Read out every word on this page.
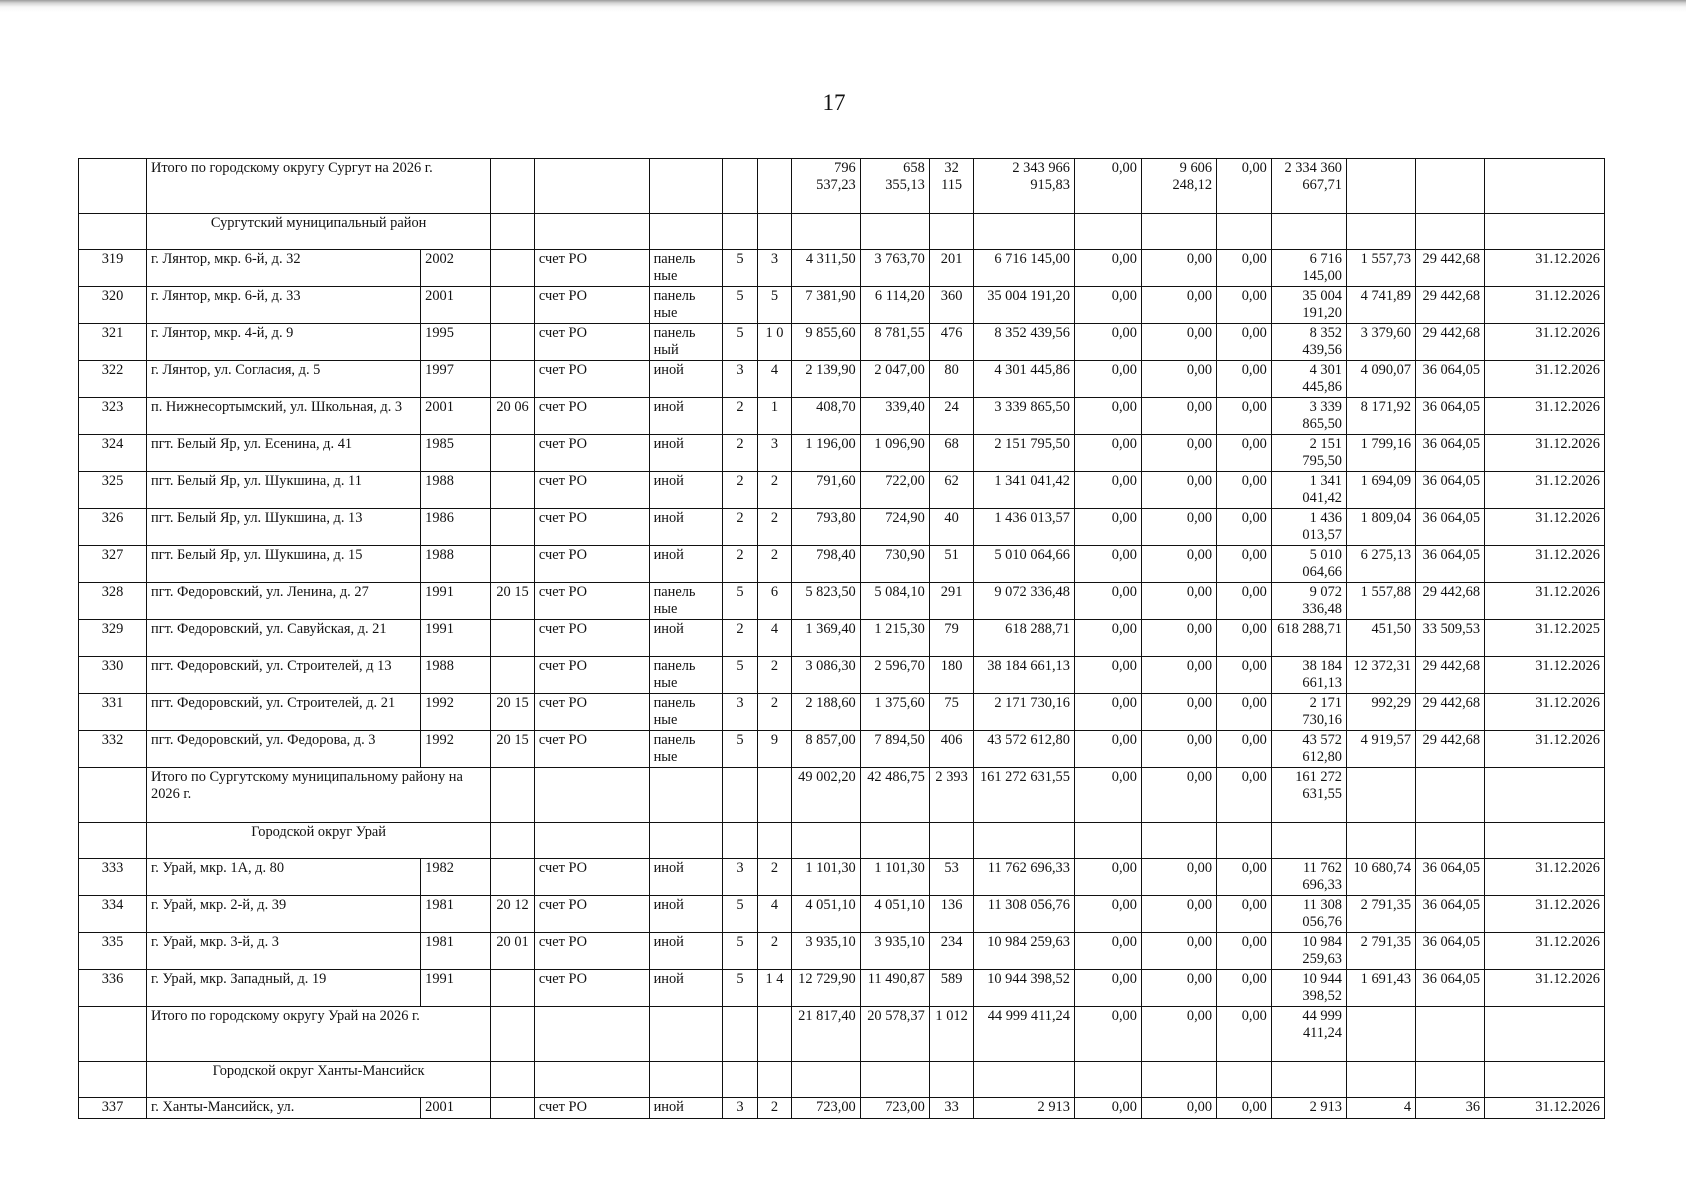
17
	Итого по городскому округу Сургут на 2026 г.							796 537,23	658 355,13	32 115	2 343 966 915,83	0,00	9 606 248,12	0,00	2 334 360 667,71			
	Сургутский муниципальный район																	
319	г. Лянтор, мкр. 6-й, д. 32	2002		счет РО	панель ные	5	3	4 311,50	3 763,70	201	6 716 145,00	0,00	0,00	0,00	6 716 145,00	1 557,73	29 442,68	31.12.2026
320	г. Лянтор, мкр. 6-й, д. 33	2001		счет РО	панель ные	5	5	7 381,90	6 114,20	360	35 004 191,20	0,00	0,00	0,00	35 004 191,20	4 741,89	29 442,68	31.12.2026
321	г. Лянтор, мкр. 4-й, д. 9	1995		счет РО	панель ный	5	1 0	9 855,60	8 781,55	476	8 352 439,56	0,00	0,00	0,00	8 352 439,56	3 379,60	29 442,68	31.12.2026
322	г. Лянтор, ул. Согласия, д. 5	1997		счет РО	иной	3	4	2 139,90	2 047,00	80	4 301 445,86	0,00	0,00	0,00	4 301 445,86	4 090,07	36 064,05	31.12.2026
323	п. Нижнесортымский, ул. Школьная, д. 3	2001	20 06	счет РО	иной	2	1	408,70	339,40	24	3 339 865,50	0,00	0,00	0,00	3 339 865,50	8 171,92	36 064,05	31.12.2026
324	пгт. Белый Яр, ул. Есенина, д. 41	1985		счет РО	иной	2	3	1 196,00	1 096,90	68	2 151 795,50	0,00	0,00	0,00	2 151 795,50	1 799,16	36 064,05	31.12.2026
325	пгт. Белый Яр, ул. Шукшина, д. 11	1988		счет РО	иной	2	2	791,60	722,00	62	1 341 041,42	0,00	0,00	0,00	1 341 041,42	1 694,09	36 064,05	31.12.2026
326	пгт. Белый Яр, ул. Шукшина, д. 13	1986		счет РО	иной	2	2	793,80	724,90	40	1 436 013,57	0,00	0,00	0,00	1 436 013,57	1 809,04	36 064,05	31.12.2026
327	пгт. Белый Яр, ул. Шукшина, д. 15	1988		счет РО	иной	2	2	798,40	730,90	51	5 010 064,66	0,00	0,00	0,00	5 010 064,66	6 275,13	36 064,05	31.12.2026
328	пгт. Федоровский, ул. Ленина, д. 27	1991	20 15	счет РО	панель ные	5	6	5 823,50	5 084,10	291	9 072 336,48	0,00	0,00	0,00	9 072 336,48	1 557,88	29 442,68	31.12.2026
329	пгт. Федоровский, ул. Савуйская, д. 21	1991		счет РО	иной	2	4	1 369,40	1 215,30	79	618 288,71	0,00	0,00	0,00	618 288,71	451,50	33 509,53	31.12.2025
330	пгт. Федоровский, ул. Строителей, д 13	1988		счет РО	панель ные	5	2	3 086,30	2 596,70	180	38 184 661,13	0,00	0,00	0,00	38 184 661,13	12 372,31	29 442,68	31.12.2026
331	пгт. Федоровский, ул. Строителей, д. 21	1992	20 15	счет РО	панель ные	3	2	2 188,60	1 375,60	75	2 171 730,16	0,00	0,00	0,00	2 171 730,16	992,29	29 442,68	31.12.2026
332	пгт. Федоровский, ул. Федорова, д. 3	1992	20 15	счет РО	панель ные	5	9	8 857,00	7 894,50	406	43 572 612,80	0,00	0,00	0,00	43 572 612,80	4 919,57	29 442,68	31.12.2026
	Итого по Сургутскому муниципальному району на 2026 г.							49 002,20	42 486,75	2 393	161 272 631,55	0,00	0,00	0,00	161 272 631,55			
	Городской округ Урай																	
333	г. Урай, мкр. 1А, д. 80	1982		счет РО	иной	3	2	1 101,30	1 101,30	53	11 762 696,33	0,00	0,00	0,00	11 762 696,33	10 680,74	36 064,05	31.12.2026
334	г. Урай, мкр. 2-й, д. 39	1981	20 12	счет РО	иной	5	4	4 051,10	4 051,10	136	11 308 056,76	0,00	0,00	0,00	11 308 056,76	2 791,35	36 064,05	31.12.2026
335	г. Урай, мкр. 3-й, д. 3	1981	20 01	счет РО	иной	5	2	3 935,10	3 935,10	234	10 984 259,63	0,00	0,00	0,00	10 984 259,63	2 791,35	36 064,05	31.12.2026
336	г. Урай, мкр. Западный, д. 19	1991		счет РО	иной	5	1 4	12 729,90	11 490,87	589	10 944 398,52	0,00	0,00	0,00	10 944 398,52	1 691,43	36 064,05	31.12.2026
	Итого по городскому округу Урай на 2026 г.							21 817,40	20 578,37	1 012	44 999 411,24	0,00	0,00	0,00	44 999 411,24			
	Городской округ Ханты-Мансийск																	
337	г. Ханты-Мансийск, ул.	2001		счет РО	иной	3	2	723,00	723,00	33	2 913	0,00	0,00	0,00	2 913	4	36	31.12.2026
